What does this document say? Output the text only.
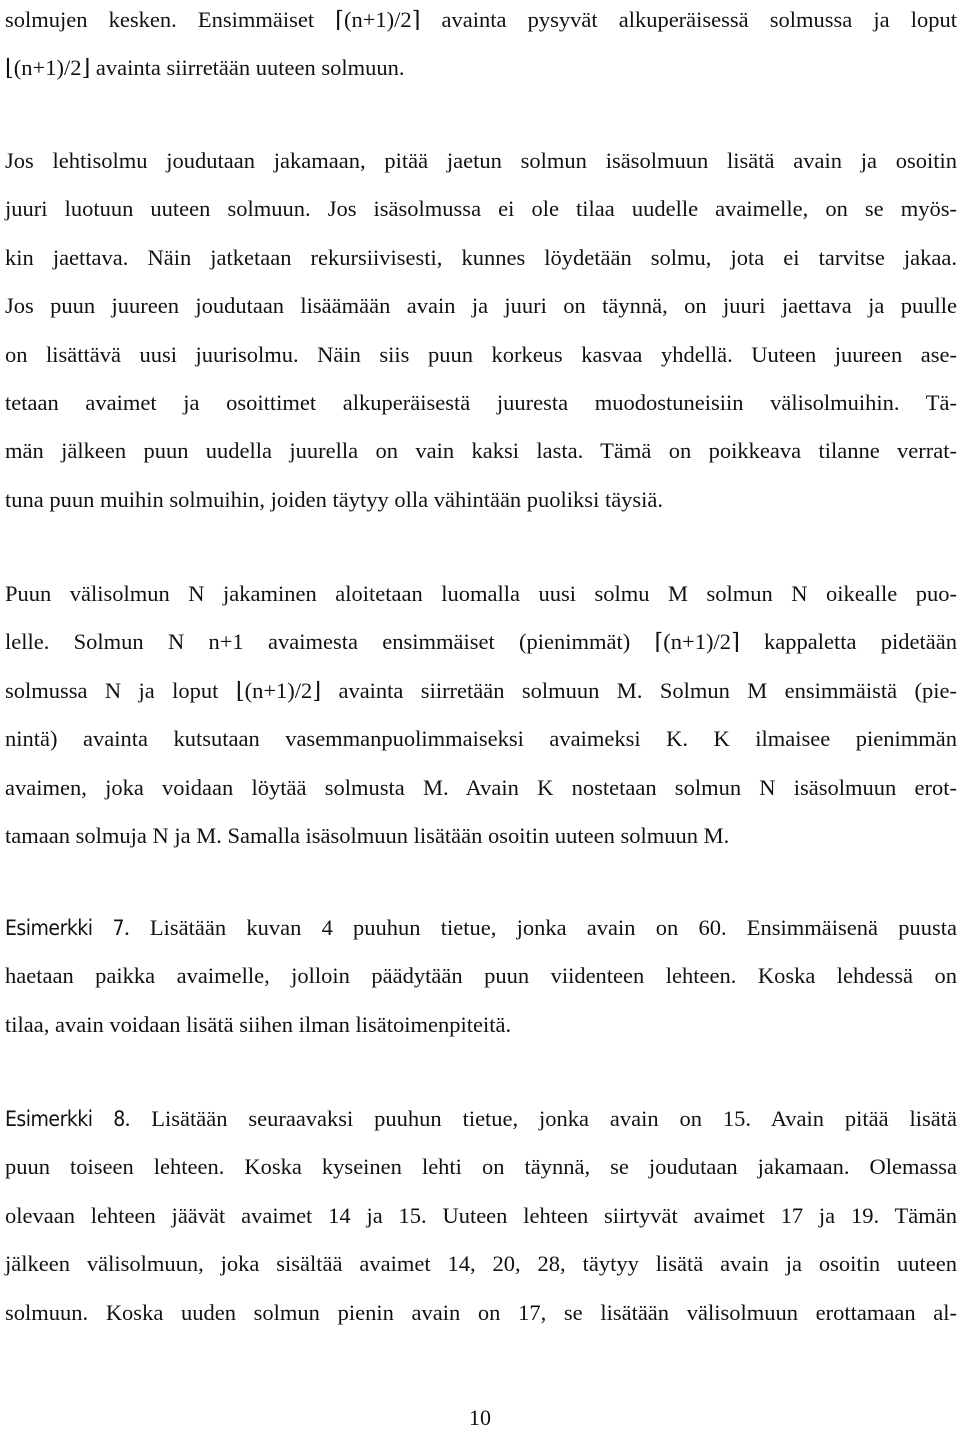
solmujen kesken. Ensimmäiset ⌈(n+1)/2⌉ avainta pysyvät alkuperäisessä solmussa ja loput
⌊(n+1)/2⌋ avainta siirretään uuteen solmuun.
Jos lehtisolmu joudutaan jakamaan, pitää jaetun solmun isäsolmuun lisätä avain ja osoitin
juuri luotuun uuteen solmuun. Jos isäsolmussa ei ole tilaa uudelle avaimelle, on se myös-
kin jaettava. Näin jatketaan rekursiivisesti, kunnes löydetään solmu, jota ei tarvitse jakaa.
Jos puun juureen joudutaan lisäämään avain ja juuri on täynnä, on juuri jaettava ja puulle
on lisättävä uusi juurisolmu. Näin siis puun korkeus kasvaa yhdellä. Uuteen juureen ase-
tetaan avaimet ja osoittimet alkuperäisestä juuresta muodostuneisiin välisolmuihin. Tä-
män jälkeen puun uudella juurella on vain kaksi lasta. Tämä on poikkeava tilanne verrat-
tuna puun muihin solmuihin, joiden täytyy olla vähintään puoliksi täysiä.
Puun välisolmun N jakaminen aloitetaan luomalla uusi solmu M solmun N oikealle puo-
lelle. Solmun N n+1 avaimesta ensimmäiset (pienimmät) ⌈(n+1)/2⌉ kappaletta pidetään
solmussa N ja loput ⌊(n+1)/2⌋ avainta siirretään solmuun M. Solmun M ensimmäistä (pie-
nintä) avainta kutsutaan vasemmanpuolimmaiseksi avaimeksi K. K ilmaisee pienimmän
avaimen, joka voidaan löytää solmusta M. Avain K nostetaan solmun N isäsolmuun erot-
tamaan solmuja N ja M. Samalla isäsolmuun lisätään osoitin uuteen solmuun M.
Esimerkki 7. Lisätään kuvan 4 puuhun tietue, jonka avain on 60. Ensimmäisenä puusta
haetaan paikka avaimelle, jolloin päädytään puun viidenteen lehteen. Koska lehdessä on
tilaa, avain voidaan lisätä siihen ilman lisätoimenpiteitä.
Esimerkki 8. Lisätään seuraavaksi puuhun tietue, jonka avain on 15. Avain pitää lisätä
puun toiseen lehteen. Koska kyseinen lehti on täynnä, se joudutaan jakamaan. Olemassa
olevaan lehteen jäävät avaimet 14 ja 15. Uuteen lehteen siirtyvät avaimet 17 ja 19. Tämän
jälkeen välisolmuun, joka sisältää avaimet 14, 20, 28, täytyy lisätä avain ja osoitin uuteen
solmuun. Koska uuden solmun pienin avain on 17, se lisätään välisolmuun erottamaan al-
10
